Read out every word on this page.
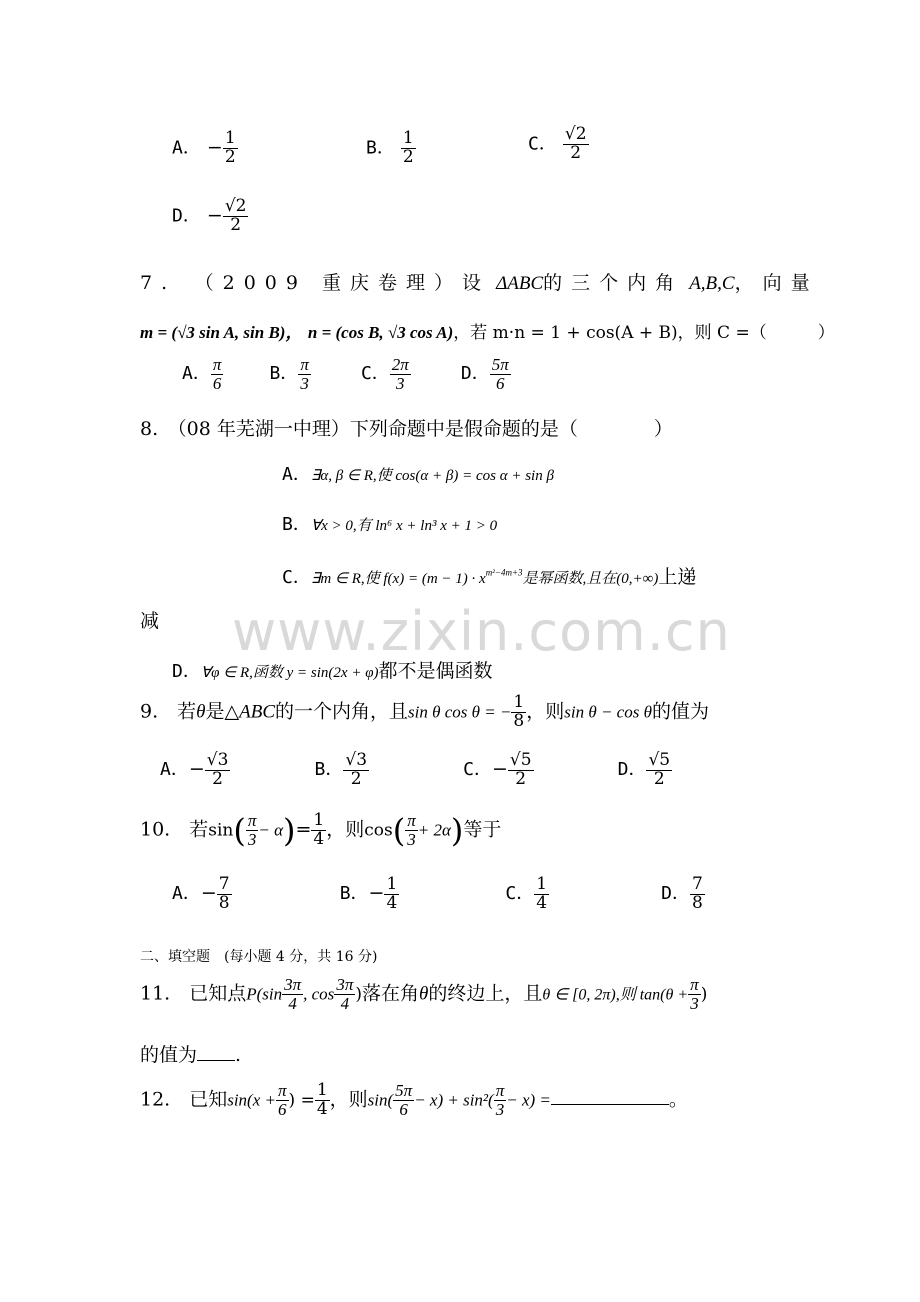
www.zixin.com.cn
A． − $\frac{1}{2}$	B． $\frac{1}{2}$	C． $\frac{√2}{2}$
D． − $\frac{√2}{2}$
7.　（2009 重庆卷理）设 ΔABC的三个内角 A,B,C，向量
m = (√3 sin A, sin B)， n = (cos B, √3 cos A)，若 m·n = 1 + cos(A + B)，则 C =（　　　）
A． $\frac{\pi}{6}$	B． $\frac{\pi}{3}$	C． $\frac{2\pi}{3}$	D． $\frac{5\pi}{6}$
8.　（08 年芜湖一中理）下列命题中是假命题的是（　　　　）
A．∃α, β ∈ R,使 cos(α + β) = cos α + sin β
B．∀x > 0,有 ln⁶ x + ln³ x + 1 > 0
C．∃m ∈ R,使 $f(x) = (m - 1) \cdot x^{m^2-4m+3}$是幂函数,且在(0,+∞)上递
减
D．∀φ ∈ R,函数 y = sin(2x + φ)都不是偶函数
9.　若θ是△ABC的一个内角，且sin θ cos θ = − $\frac{1}{8}$ ，则sin θ − cos θ的值为
A．− $\frac{√3}{2}$	B． $\frac{√3}{2}$	C．− $\frac{√5}{2}$	D． $\frac{√5}{2}$
10.　若$\sin( \frac{\pi}{3} - \alpha)= \frac{1}{4}$ ，则$\cos( \frac{\pi}{3} + 2\alpha)$等于
A．− $\frac{7}{8}$	B．− $\frac{1}{4}$	C． $\frac{1}{4}$	D． $\frac{7}{8}$
二、填空题　(每小题 4 分，共 16 分)
11.　已知点$P(\sin \frac{3\pi}{4}$ , $\cos \frac{3\pi}{4}$ )落在角θ的终边上，且θ ∈ [0, 2π),则 $\tan(\theta + \frac{\pi}{3}$ )
的值为 .
12.　已知$\sin(x + \frac{\pi}{6}$ ) = $\frac{1}{4}$ ，则$\sin( \frac{5\pi}{6} - x) + \sin^2( \frac{\pi}{3} - x)$ =	。
